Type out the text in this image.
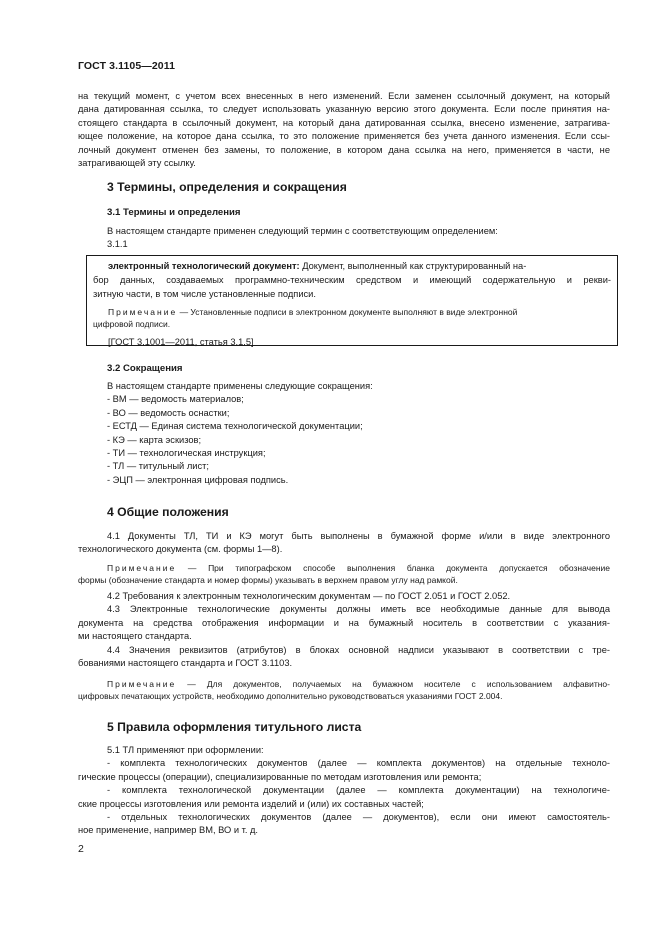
ГОСТ 3.1105—2011
на текущий момент, с учетом всех внесенных в него изменений. Если заменен ссылочный документ, на который
дана датированная ссылка, то следует использовать указанную версию этого документа. Если после принятия на-
стоящего стандарта в ссылочный документ, на который дана датированная ссылка, внесено изменение, затрагива-
ющее положение, на которое дана ссылка, то это положение применяется без учета данного изменения. Если ссы-
лочный документ отменен без замены, то положение, в котором дана ссылка на него, применяется в части, не
затрагивающей эту ссылку.
3 Термины, определения и сокращения
3.1 Термины и определения
В настоящем стандарте применен следующий термин с соответствующим определением:
3.1.1
электронный технологический документ: Документ, выполненный как структурированный на-
бор данных, создаваемых программно-техническим средством и имеющий содержательную и рекви-
зитную части, в том числе установленные подписи.
Примечание — Установленные подписи в электронном документе выполняют в виде электронной
цифровой подписи.
[ГОСТ 3.1001—2011, статья 3.1.5]
3.2 Сокращения
В настоящем стандарте применены следующие сокращения:
- ВМ — ведомость материалов;
- ВО — ведомость оснастки;
- ЕСТД — Единая система технологической документации;
- КЭ — карта эскизов;
- ТИ — технологическая инструкция;
- ТЛ — титульный лист;
- ЭЦП — электронная цифровая подпись.
4 Общие положения
4.1 Документы ТЛ, ТИ и КЭ могут быть выполнены в бумажной форме и/или в виде электронного
технологического документа (см. формы 1—8).
Примечание — При типографском способе выполнения бланка документа допускается обозначение
формы (обозначение стандарта и номер формы) указывать в верхнем правом углу над рамкой.
4.2 Требования к электронным технологическим документам — по ГОСТ 2.051 и ГОСТ 2.052.
4.3 Электронные технологические документы должны иметь все необходимые данные для вывода
документа на средства отображения информации и на бумажный носитель в соответствии с указания-
ми настоящего стандарта.
4.4 Значения реквизитов (атрибутов) в блоках основной надписи указывают в соответствии с тре-
бованиями настоящего стандарта и ГОСТ 3.1103.
Примечание — Для документов, получаемых на бумажном носителе с использованием алфавитно-
цифровых печатающих устройств, необходимо дополнительно руководствоваться указаниями ГОСТ 2.004.
5 Правила оформления титульного листа
5.1 ТЛ применяют при оформлении:
- комплекта технологических документов (далее — комплекта документов) на отдельные техноло-
гические процессы (операции), специализированные по методам изготовления или ремонта;
- комплекта технологической документации (далее — комплекта документации) на технологиче-
ские процессы изготовления или ремонта изделий и (или) их составных частей;
- отдельных технологических документов (далее — документов), если они имеют самостоятель-
ное применение, например ВМ, ВО и т. д.
2
